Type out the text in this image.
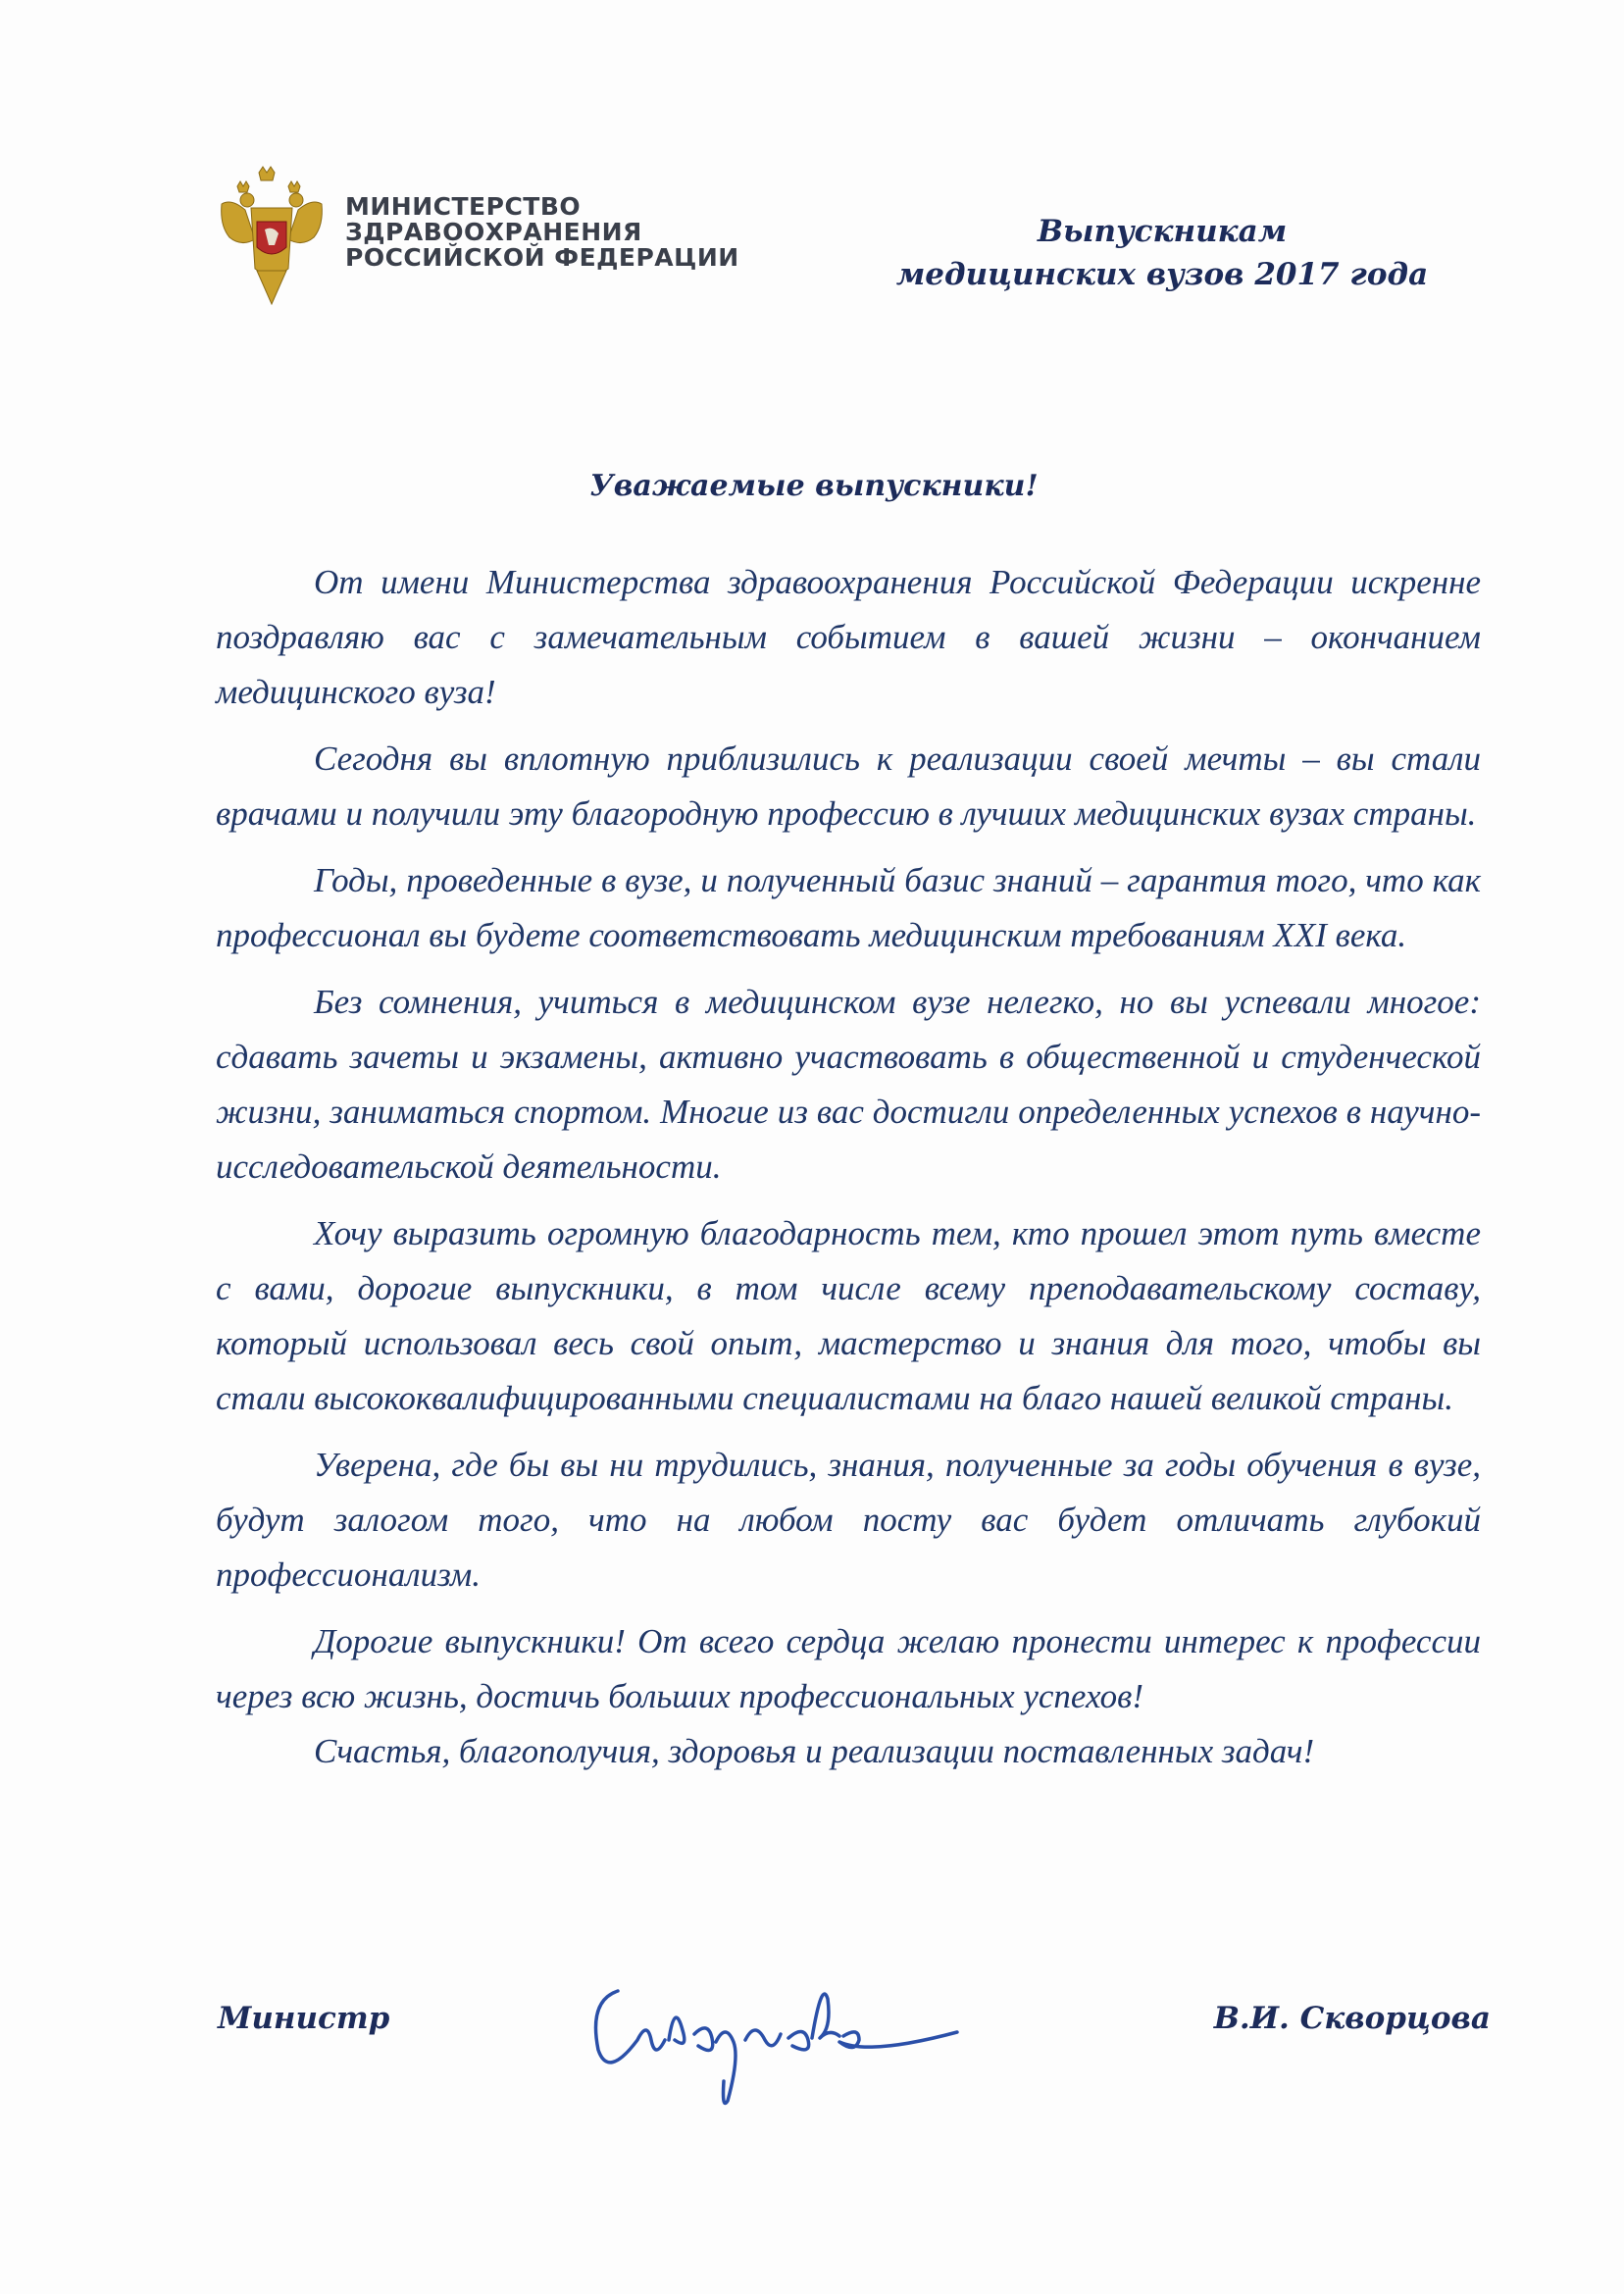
МИНИСТЕРСТВО
ЗДРАВООХРАНЕНИЯ
РОССИЙСКОЙ ФЕДЕРАЦИИ
Выпускникам
медицинских вузов 2017 года
Уважаемые выпускники!

От имени Министерства здравоохранения Российской Федерации искренне поздравляю вас с замечательным событием в вашей жизни – окончанием медицинского вуза!

Сегодня вы вплотную приблизились к реализации своей мечты – вы стали врачами и получили эту благородную профессию в лучших медицинских вузах страны.

Годы, проведенные в вузе, и полученный базис знаний – гарантия того, что как профессионал вы будете соответствовать медицинским требованиям XXI века.

Без сомнения, учиться в медицинском вузе нелегко, но вы успевали многое: сдавать зачеты и экзамены, активно участвовать в общественной и студенческой жизни, заниматься спортом. Многие из вас достигли определенных успехов в научно-исследовательской деятельности.

Хочу выразить огромную благодарность тем, кто прошел этот путь вместе с вами, дорогие выпускники, в том числе всему преподавательскому составу, который использовал весь свой опыт, мастерство и знания для того, чтобы вы стали высококвалифицированными специалистами на благо нашей великой страны.

Уверена, где бы вы ни трудились, знания, полученные за годы обучения в вузе, будут залогом того, что на любом посту вас будет отличать глубокий профессионализм.

Дорогие выпускники! От всего сердца желаю пронести интерес к профессии через всю жизнь, достичь больших профессиональных успехов!

Счастья, благополучия, здоровья и реализации поставленных задач!

Министр	В.И. Скворцова
